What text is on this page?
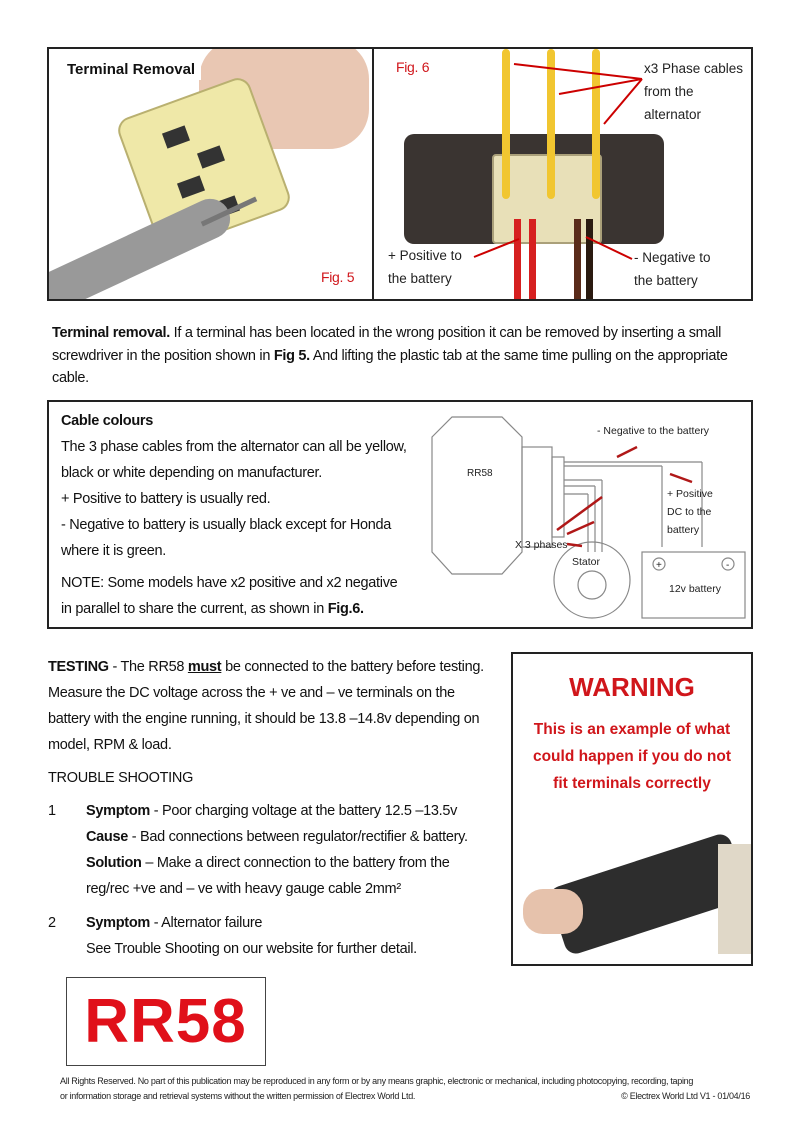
Terminal Removal
Fig. 5
Fig. 6	x3 Phase cables
from the
alternator
+ Positive to
the battery
- Negative to
the battery
Terminal removal. If a terminal has been located in the wrong position it can be removed by inserting a small screwdriver in the position shown in Fig 5. And lifting the plastic tab at the same time pulling on the appropriate cable.
Cable colours
The 3 phase cables from the alternator can all be yellow, black or white depending on manufacturer.
+ Positive to battery is usually red.
- Negative to battery is usually black except for Honda where it is green.
NOTE: Some models have x2 positive and x2 negative in parallel to share the current, as shown in Fig.6.
RR58
- Negative to the battery
+ Positive
DC to the
battery
X 3 phases
Stator
12v battery
+	-
TESTING - The RR58 must be connected to the battery before testing. Measure the DC voltage across the + ve and – ve terminals on the battery with the engine running, it should be 13.8 –14.8v depending on model, RPM & load.
TROUBLE SHOOTING
1 Symptom - Poor charging voltage at the battery 12.5 –13.5v
Cause - Bad connections between regulator/rectifier & battery.
Solution – Make a direct connection to the battery from the reg/rec +ve and – ve with heavy gauge cable 2mm²
2 Symptom - Alternator failure
See Trouble Shooting on our website for further detail.
WARNING
This is an example of what
could happen if you do not
fit terminals correctly
RR58
All Rights Reserved. No part of this publication may be reproduced in any form or by any means graphic, electronic or mechanical, including photocopying, recording, taping
or information storage and retrieval systems without the written permission of Electrex World Ltd.	© Electrex World Ltd V1 - 01/04/16
